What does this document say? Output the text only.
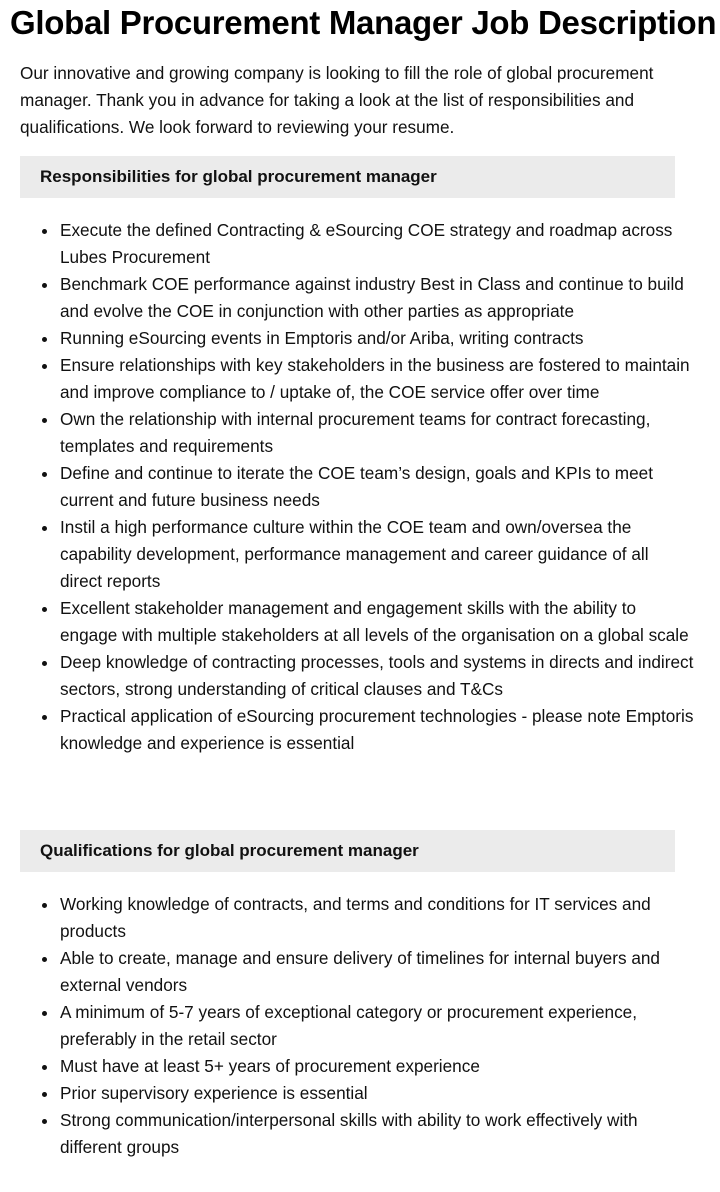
Global Procurement Manager Job Description

Our innovative and growing company is looking to fill the role of global procurement manager. Thank you in advance for taking a look at the list of responsibilities and qualifications. We look forward to reviewing your resume.

Responsibilities for global procurement manager
Execute the defined Contracting & eSourcing COE strategy and roadmap across Lubes Procurement
Benchmark COE performance against industry Best in Class and continue to build and evolve the COE in conjunction with other parties as appropriate
Running eSourcing events in Emptoris and/or Ariba, writing contracts
Ensure relationships with key stakeholders in the business are fostered to maintain and improve compliance to / uptake of, the COE service offer over time
Own the relationship with internal procurement teams for contract forecasting, templates and requirements
Define and continue to iterate the COE team’s design, goals and KPIs to meet current and future business needs
Instil a high performance culture within the COE team and own/oversea the capability development, performance management and career guidance of all direct reports
Excellent stakeholder management and engagement skills with the ability to engage with multiple stakeholders at all levels of the organisation on a global scale
Deep knowledge of contracting processes, tools and systems in directs and indirect sectors, strong understanding of critical clauses and T&Cs
Practical application of eSourcing procurement technologies - please note Emptoris knowledge and experience is essential
Qualifications for global procurement manager
Working knowledge of contracts, and terms and conditions for IT services and products
Able to create, manage and ensure delivery of timelines for internal buyers and external vendors
A minimum of 5-7 years of exceptional category or procurement experience, preferably in the retail sector
Must have at least 5+ years of procurement experience
Prior supervisory experience is essential
Strong communication/interpersonal skills with ability to work effectively with different groups
